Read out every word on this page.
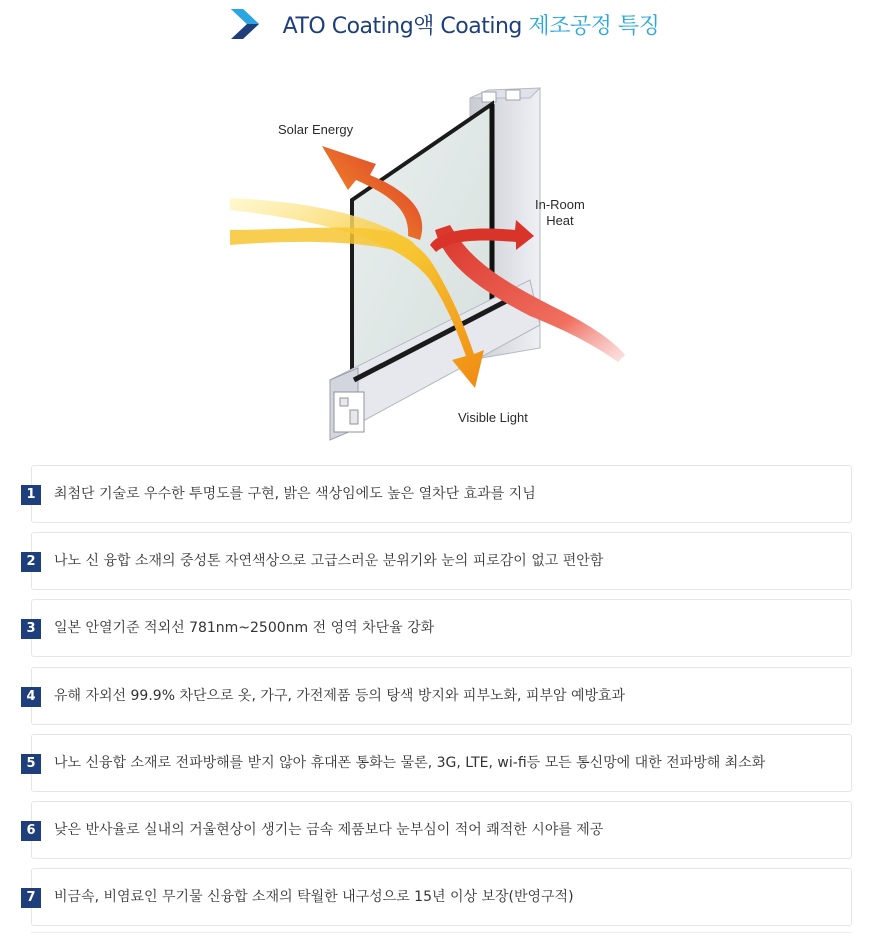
ATO Coating액 Coating 제조공정 특징
Solar Energy
In-Room
Heat
Visible Light
1	최첨단 기술로 우수한 투명도를 구현, 밝은 색상임에도 높은 열차단 효과를 지님
2	나노 신 융합 소재의 중성톤 자연색상으로 고급스러운 분위기와 눈의 피로감이 없고 편안함
3	일본 안열기준 적외선 781nm~2500nm 전 영역 차단율 강화
4	유해 자외선 99.9% 차단으로 옷, 가구, 가전제품 등의 탕색 방지와 피부노화, 피부암 예방효과
5	나노 신융합 소재로 전파방해를 받지 않아 휴대폰 통화는 물론, 3G, LTE, wi-fi등 모든 통신망에 대한 전파방해 최소화
6	낮은 반사율로 실내의 거울현상이 생기는 금속 제품보다 눈부심이 적어 쾌적한 시야를 제공
7	비금속, 비염료인 무기물 신융합 소재의 탁월한 내구성으로 15년 이상 보장(반영구적)
